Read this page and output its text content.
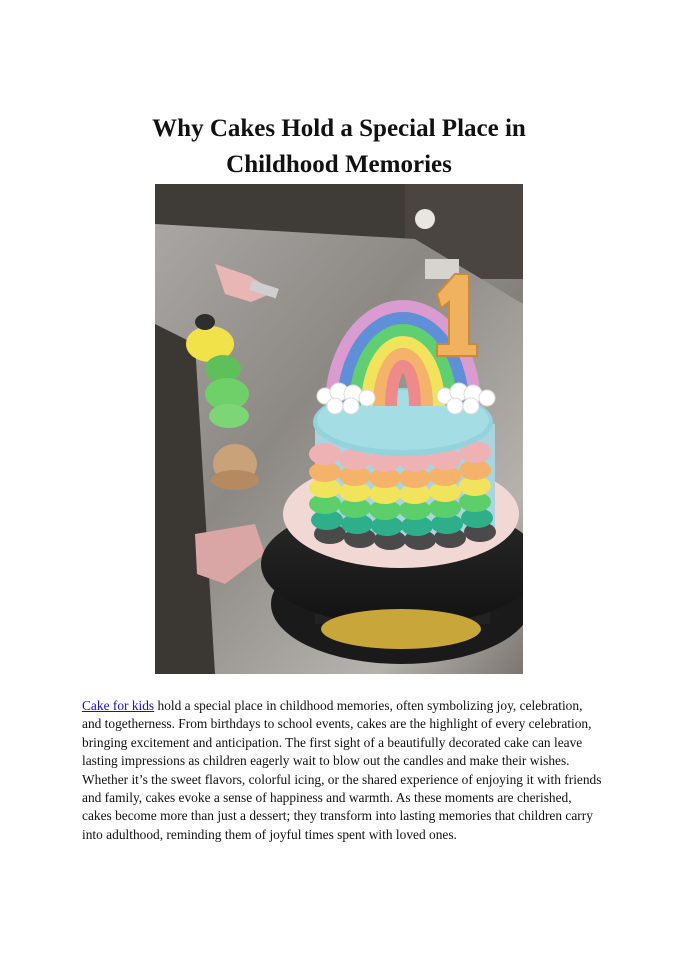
Why Cakes Hold a Special Place in
Childhood Memories

Cake for kids hold a special place in childhood memories, often symbolizing joy, celebration, and togetherness. From birthdays to school events, cakes are the highlight of every celebration, bringing excitement and anticipation. The first sight of a beautifully decorated cake can leave lasting impressions as children eagerly wait to blow out the candles and make their wishes. Whether it’s the sweet flavors, colorful icing, or the shared experience of enjoying it with friends and family, cakes evoke a sense of happiness and warmth. As these moments are cherished, cakes become more than just a dessert; they transform into lasting memories that children carry into adulthood, reminding them of joyful times spent with loved ones.
